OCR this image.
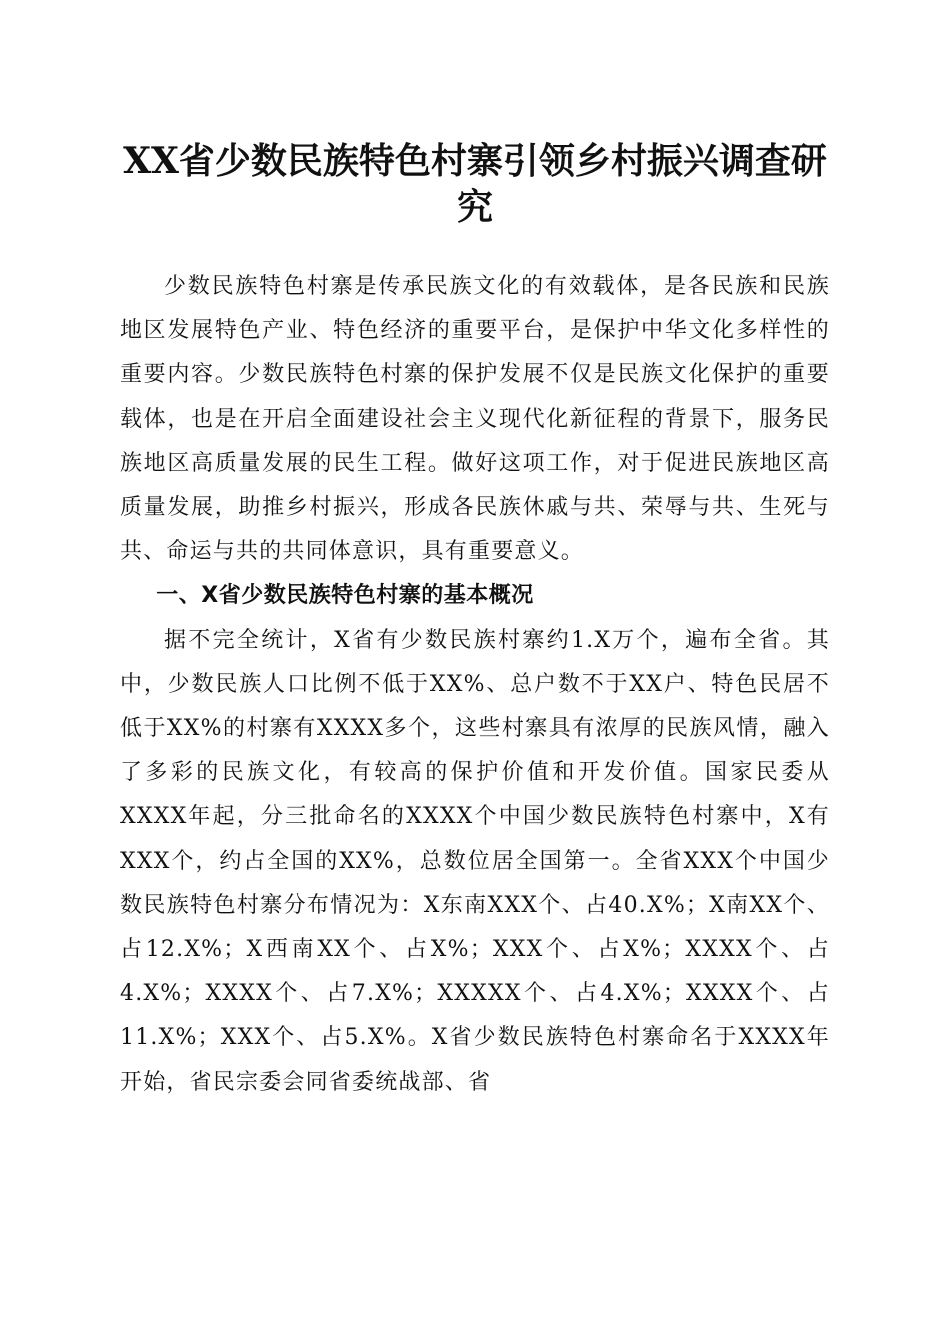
XX省少数民族特色村寨引领乡村振兴调查研究

少数民族特色村寨是传承民族文化的有效载体，是各民族和民族地区发展特色产业、特色经济的重要平台，是保护中华文化多样性的重要内容。少数民族特色村寨的保护发展不仅是民族文化保护的重要载体，也是在开启全面建设社会主义现代化新征程的背景下，服务民族地区高质量发展的民生工程。做好这项工作，对于促进民族地区高质量发展，助推乡村振兴，形成各民族休戚与共、荣辱与共、生死与共、命运与共的共同体意识，具有重要意义。

一、X省少数民族特色村寨的基本概况

据不完全统计，X省有少数民族村寨约1.X万个，遍布全省。其中，少数民族人口比例不低于XX%、总户数不于XX户、特色民居不低于XX%的村寨有XXXX多个，这些村寨具有浓厚的民族风情，融入了多彩的民族文化，有较高的保护价值和开发价值。国家民委从XXXX年起，分三批命名的XXXX个中国少数民族特色村寨中，X有XXX个，约占全国的XX%，总数位居全国第一。全省XXX个中国少数民族特色村寨分布情况为：X东南XXX个、占40.X%；X南XX个、占12.X%；X西南XX个、占X%；XXX个、占X%；XXXX个、占4.X%；XXXX个、占7.X%；XXXXX个、占4.X%；XXXX个、占11.X%；XXX个、占5.X%。X省少数民族特色村寨命名于XXXX年开始，省民宗委会同省委统战部、省
